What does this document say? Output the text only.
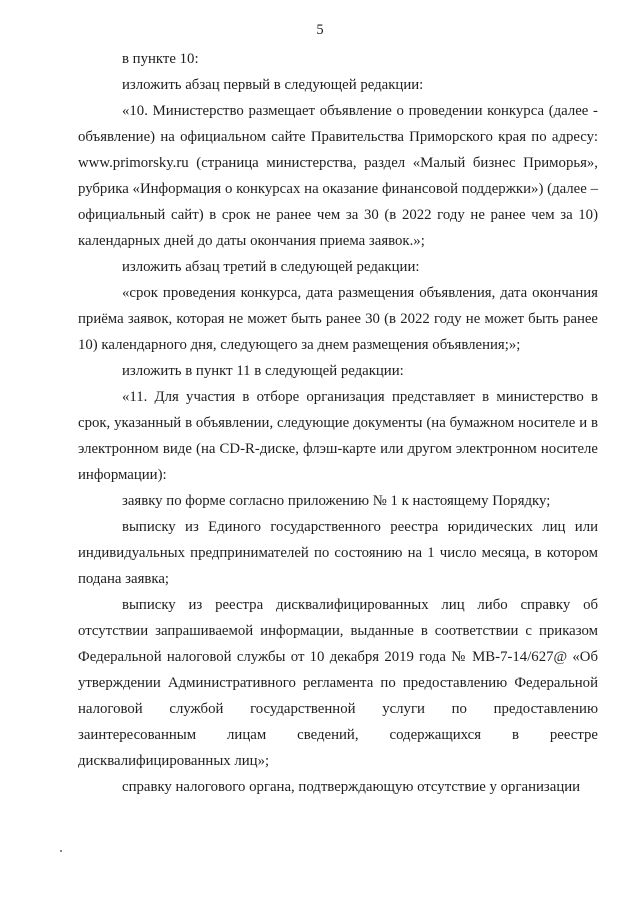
5

в пункте 10:

изложить абзац первый в следующей редакции:

«10. Министерство размещает объявление о проведении конкурса (далее - объявление) на официальном сайте Правительства Приморского края по адресу: www.primorsky.ru (страница министерства, раздел «Малый бизнес Приморья», рубрика «Информация о конкурсах на оказание финансовой поддержки») (далее – официальный сайт) в срок не ранее чем за 30 (в 2022 году не ранее чем за 10) календарных дней до даты окончания приема заявок.»;

изложить абзац третий в следующей редакции:

«срок проведения конкурса, дата размещения объявления, дата окончания приёма заявок, которая не может быть ранее 30 (в 2022 году не может быть ранее 10) календарного дня, следующего за днем размещения объявления;»;

изложить в пункт 11 в следующей редакции:

«11. Для участия в отборе организация представляет в министерство в срок, указанный в объявлении, следующие документы (на бумажном носителе и в электронном виде (на CD-R-диске, флэш-карте или другом электронном носителе информации):

заявку по форме согласно приложению № 1 к настоящему Порядку;

выписку из Единого государственного реестра юридических лиц или индивидуальных предпринимателей по состоянию на 1 число месяца, в котором подана заявка;

выписку из реестра дисквалифицированных лиц либо справку об отсутствии запрашиваемой информации, выданные в соответствии с приказом Федеральной налоговой службы от 10 декабря 2019 года № МВ-7-14/627@ «Об утверждении Административного регламента по предоставлению Федеральной налоговой службой государственной услуги по предоставлению заинтересованным лицам сведений, содержащихся в реестре дисквалифицированных лиц»;

справку налогового органа, подтверждающую отсутствие у организации
